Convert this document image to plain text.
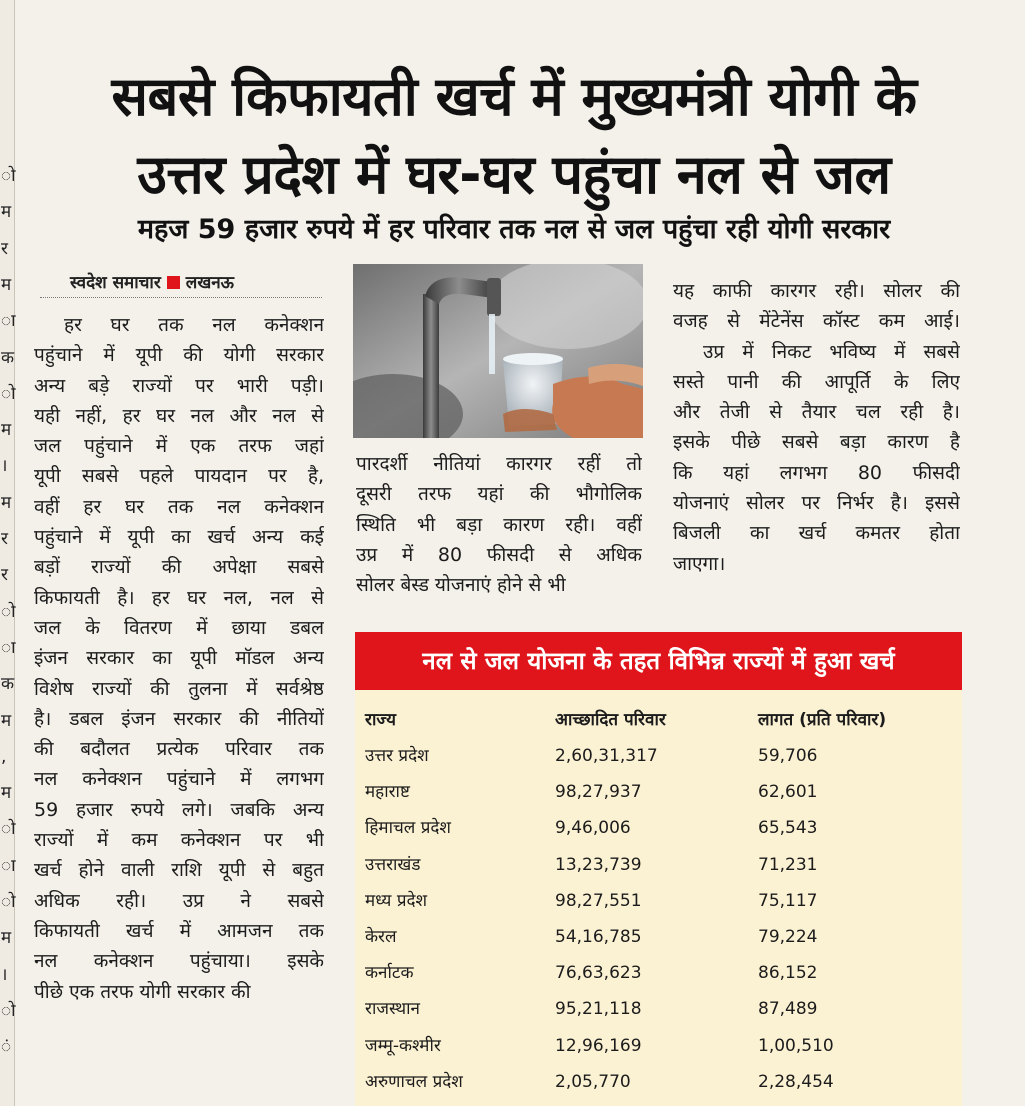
ो
म
र
म
ा
क
ो
म
।
म
र
र
ो
ा
क
म
,
म
ो
ा
ो
म
।
ो
ं
सबसे किफायती खर्च में मुख्यमंत्री योगी के
उत्तर प्रदेश में घर-घर पहुंचा नल से जल
महज 59 हजार रुपये में हर परिवार तक नल से जल पहुंचा रही योगी सरकार
स्वदेश समाचार लखनऊ
हर घर तक नल कनेक्शन
पहुंचाने में यूपी की योगी सरकार
अन्य बड़े राज्यों पर भारी पड़ी।
यही नहीं, हर घर नल और नल से
जल पहुंचाने में एक तरफ जहां
यूपी सबसे पहले पायदान पर है,
वहीं हर घर तक नल कनेक्शन
पहुंचाने में यूपी का खर्च अन्य कई
बड़ों राज्यों की अपेक्षा सबसे
किफायती है। हर घर नल, नल से
जल के वितरण में छाया डबल
इंजन सरकार का यूपी मॉडल अन्य
विशेष राज्यों की तुलना में सर्वश्रेष्ठ
है। डबल इंजन सरकार की नीतियों
की बदौलत प्रत्येक परिवार तक
नल कनेक्शन पहुंचाने में लगभग
59 हजार रुपये लगे। जबकि अन्य
राज्यों में कम कनेक्शन पर भी
खर्च होने वाली राशि यूपी से बहुत
अधिक रही। उप्र ने सबसे
किफायती खर्च में आमजन तक
नल कनेक्शन पहुंचाया। इसके
पीछे एक तरफ योगी सरकार की
पारदर्शी नीतियां कारगर रहीं तो
दूसरी तरफ यहां की भौगोलिक
स्थिति भी बड़ा कारण रही। वहीं
उप्र में 80 फीसदी से अधिक
सोलर बेस्ड योजनाएं होने से भी
यह काफी कारगर रही। सोलर की
वजह से मेंटेनेंस कॉस्ट कम आई।
उप्र में निकट भविष्य में सबसे
सस्ते पानी की आपूर्ति के लिए
और तेजी से तैयार चल रही है।
इसके पीछे सबसे बड़ा कारण है
कि यहां लगभग 80 फीसदी
योजनाएं सोलर पर निर्भर है। इससे
बिजली का खर्च कमतर होता
जाएगा।
नल से जल योजना के तहत विभिन्न राज्यों में हुआ खर्च
राज्य	आच्छादित परिवार	लागत (प्रति परिवार)
उत्तर प्रदेश	2,60,31,317	59,706
महाराष्ट	98,27,937	62,601
हिमाचल प्रदेश	9,46,006	65,543
उत्तराखंड	13,23,739	71,231
मध्य प्रदेश	98,27,551	75,117
केरल	54,16,785	79,224
कर्नाटक	76,63,623	86,152
राजस्थान	95,21,118	87,489
जम्मू-कश्मीर	12,96,169	1,00,510
अरुणाचल प्रदेश	2,05,770	2,28,454
